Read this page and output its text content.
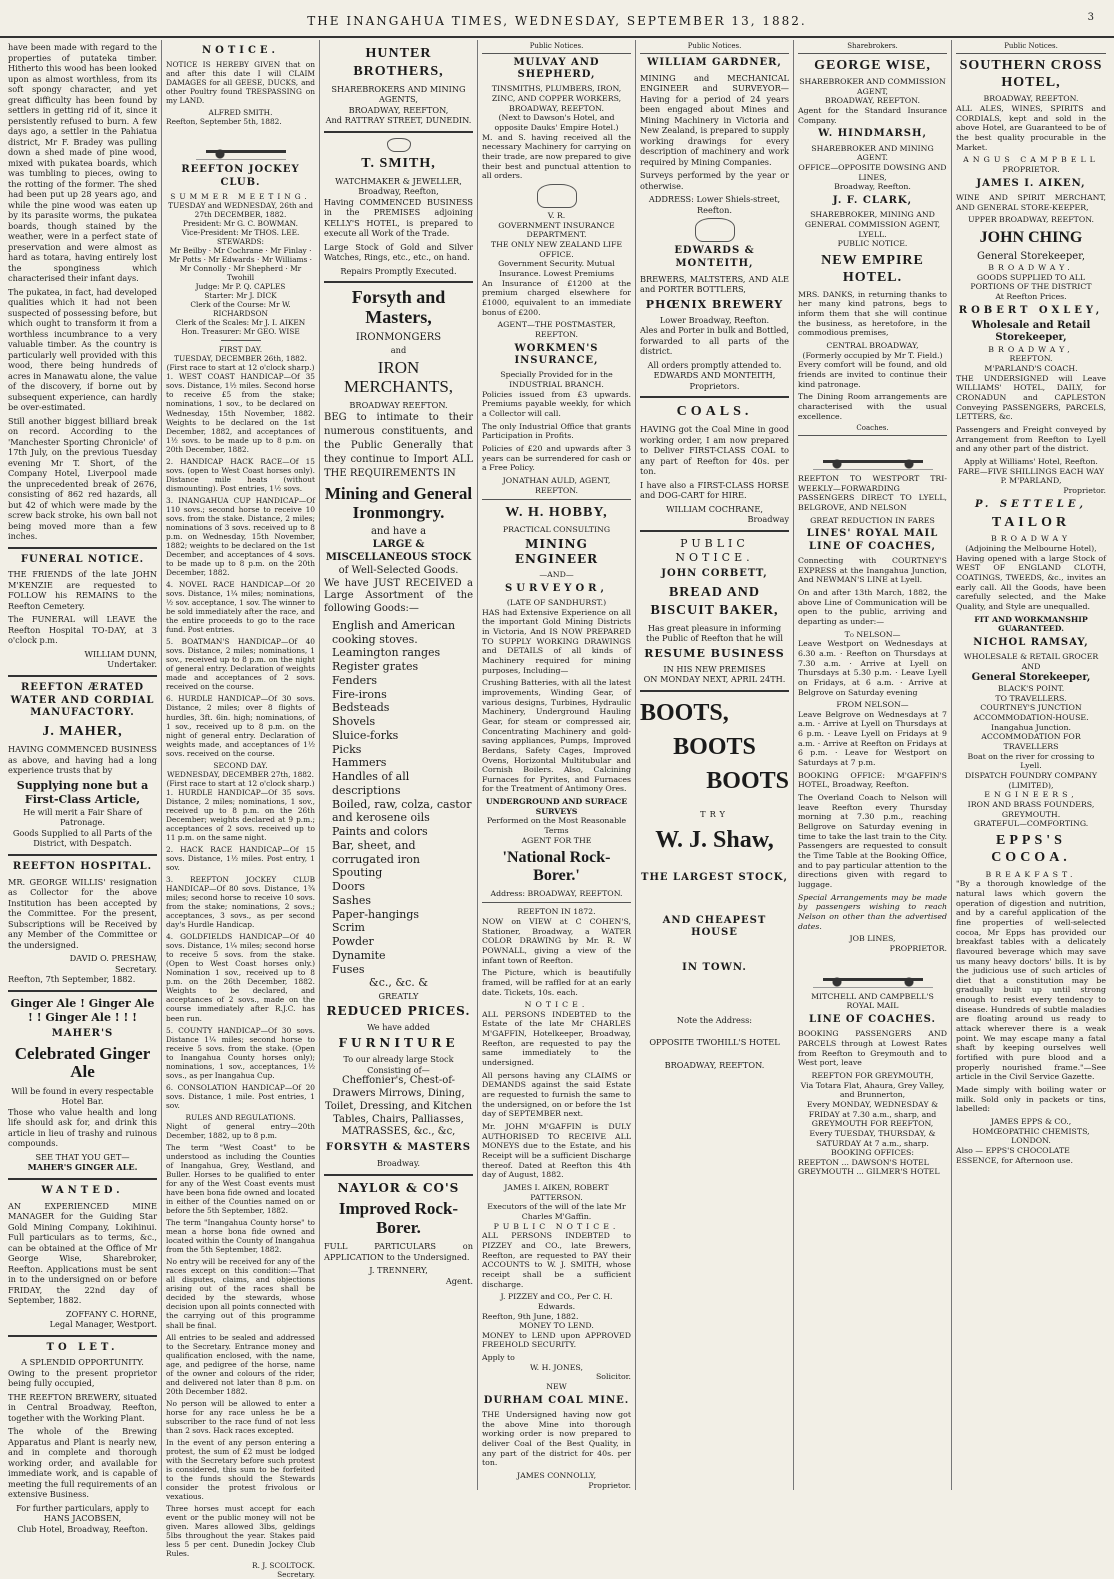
THE INANGAHUA TIMES, WEDNESDAY, SEPTEMBER 13, 1882.	3

have been made with regard to the properties of putateka timber. Hitherto this wood has been looked upon as almost worthless, from its soft spongy character, and yet great difficulty has been found by settlers in getting rid of it, since it persistently refused to burn. A few days ago, a settler in the Pahiatua district, Mr F. Bradey was pulling down a shed made of pine wood, mixed with pukatea boards, which was tumbling to pieces, owing to the rotting of the former. The shed had been put up 28 years ago, and while the pine wood was eaten up by its parasite worms, the pukatea boards, though stained by the weather, were in a perfect state of preservation and were almost as hard as totara, having entirely lost the sponginess which characterised their infant days.

The pukatea, in fact, had developed qualities which it had not been suspected of possessing before, but which ought to transform it from a worthless incumbrance to a very valuable timber. As the country is particularly well provided with this wood, there being hundreds of acres in Manawatu alone, the value of the discovery, if borne out by subsequent experience, can hardly be over-estimated.

Still another biggest billiard break on record. According to the 'Manchester Sporting Chronicle' of 17th July, on the previous Tuesday evening Mr T. Short, of the Company Hotel, Liverpool made the unprecedented break of 2676, consisting of 862 red hazards, all but 42 of which were made by the screw back stroke, his own ball not being moved more than a few inches.

FUNERAL NOTICE.

THE FRIENDS of the late JOHN M'KENZIE are requested to FOLLOW his REMAINS to the Reefton Cemetery.

The FUNERAL will LEAVE the Reefton Hospital TO-DAY, at 3 o'clock p.m.

WILLIAM DUNN,
Undertaker.
REEFTON ÆRATED WATER AND CORDIAL MANUFACTORY.
J. MAHER,

HAVING COMMENCED BUSINESS as above, and having had a long experience trusts that by

Supplying none but a First-Class Article,
He will merit a Fair Share of Patronage.
Goods Supplied to all Parts of the District, with Despatch.
REEFTON HOSPITAL.

MR. GEORGE WILLIS' resignation as Collector for the above Institution has been accepted by the Committee. For the present, Subscriptions will be Received by any Member of the Committee or the undersigned.

DAVID O. PRESHAW,
Secretary.
Reefton, 7th September, 1882.
Ginger Ale ! Ginger Ale ! ! Ginger Ale ! ! !
MAHER'S
Celebrated Ginger Ale
Will be found in every respectable Hotel Bar.

Those who value health and long life should ask for, and drink this article in lieu of trashy and ruinous compounds.

SEE THAT YOU GET—
MAHER'S GINGER ALE.
WANTED.

AN EXPERIENCED MINE MANAGER for the Guiding Star Gold Mining Company, Lokihinui. Full particulars as to terms, &c., can be obtained at the Office of Mr George Wise, Sharebroker, Reefton. Applications must be sent in to the undersigned on or before FRIDAY, the 22nd day of September, 1882.

ZOFFANY C. HORNE,
Legal Manager, Westport.
TO LET.
A SPLENDID OPPORTUNITY.

Owing to the present proprietor being fully occupied,

THE REEFTON BREWERY, situated in Central Broadway, Reefton, together with the Working Plant.

The whole of the Brewing Apparatus and Plant is nearly new, and in complete and thorough working order, and available for immediate work, and is capable of meeting the full requirements of an extensive Business.

For further particulars, apply to
HANS JACOBSEN,
Club Hotel, Broadway, Reefton.
NOTICE.

NOTICE IS HEREBY GIVEN that on and after this date I will CLAIM DAMAGES for all GEESE, DUCKS, and other Poultry found TRESPASSING on my LAND.

ALFRED SMITH.
Reefton, September 5th, 1882.
REEFTON JOCKEY CLUB.
SUMMER MEETING.
TUESDAY and WEDNESDAY, 26th and 27th DECEMBER, 1882.
President: Mr G. C. BOWMAN.
Vice-President: Mr THOS. LEE.
STEWARDS:
Mr Beilby · Mr Cochrane · Mr Finlay · Mr Potts · Mr Edwards · Mr Williams · Mr Connolly · Mr Shepherd · Mr Twohill
Judge: Mr P. Q. CAPLES
Starter: Mr J. DICK
Clerk of the Course: Mr W. RICHARDSON
Clerk of the Scales: Mr J. I. AIKEN
Hon. Treasurer: Mr GEO. WISE
FIRST DAY.
TUESDAY, DECEMBER 26th, 1882.
(First race to start at 12 o'clock sharp.)

1. WEST COAST HANDICAP—Of 35 sovs. Distance, 1½ miles. Second horse to receive £5 from the stake; nominations, 1 sov., to be declared on Wednesday, 15th November, 1882. Weights to be declared on the 1st December, 1882, and acceptances of 1½ sovs. to be made up to 8 p.m. on 20th December, 1882.

2. HANDICAP HACK RACE—Of 15 sovs. (open to West Coast horses only). Distance mile heats (without dismounting). Post entries, 1½ sovs.

3. INANGAHUA CUP HANDICAP—Of 110 sovs.; second horse to receive 10 sovs. from the stake. Distance, 2 miles; nominations of 3 sovs. received up to 8 p.m. on Wednesday, 15th November, 1882; weights to be declared on the 1st December, and acceptances of 4 sovs. to be made up to 8 p.m. on the 20th December, 1882.

4. NOVEL RACE HANDICAP—Of 20 sovs. Distance, 1¼ miles; nominations, ½ sov. acceptance, 1 sov. The winner to be sold immediately after the race, and the entire proceeds to go to the race fund. Post entries.

5. BOATMAN'S HANDICAP—Of 40 sovs. Distance, 2 miles; nominations, 1 sov., received up to 8 p.m. on the night of general entry. Declaration of weights made and acceptances of 2 sovs. received on the course.

6. HURDLE HANDICAP—Of 30 sovs. Distance, 2 miles; over 8 flights of hurdles, 3ft. 6in. high; nominations, of 1 sov., received up to 8 p.m. on the night of general entry. Declaration of weights made, and acceptances of 1½ sovs. received on the course.

SECOND DAY.
WEDNESDAY, DECEMBER 27th, 1882.
(First race to start at 12 o'clock sharp.)

1. HURDLE HANDICAP—Of 35 sovs. Distance, 2 miles; nominations, 1 sov., received up to 8 p.m. on the 26th December; weights declared at 9 p.m.; acceptances of 2 sovs. received up to 11 p.m. on the same night.

2. HACK RACE HANDICAP—Of 15 sovs. Distance, 1½ miles. Post entry, 1 sov.

3. REEFTON JOCKEY CLUB HANDICAP—Of 80 sovs. Distance, 1¾ miles; second horse to receive 10 sovs. from the stake; nominations, 2 sovs.; acceptances, 3 sovs., as per second day's Hurdle Handicap.

4. GOLDFIELDS HANDICAP—Of 40 sovs. Distance, 1¼ miles; second horse to receive 5 sovs. from the stake. (Open to West Coast horses only.) Nomination 1 sov., received up to 8 p.m. on the 26th December, 1882. Weights to be declared, and acceptances of 2 sovs., made on the course immediately after R.J.C. has been run.

5. COUNTY HANDICAP—Of 30 sovs. Distance 1¼ miles; second horse to receive 5 sovs. from the stake. (Open to Inangahua County horses only); nominations, 1 sov., acceptances, 1½ sovs., as per Inangahua Cup.

6. CONSOLATION HANDICAP—Of 20 sovs. Distance, 1 mile. Post entries, 1 sov.

RULES AND REGULATIONS.

Night of general entry—20th December, 1882, up to 8 p.m.

The term "West Coast" to be understood as including the Counties of Inangahua, Grey, Westland, and Buller. Horses to be qualified to enter for any of the West Coast events must have been bona fide owned and located in either of the Counties named on or before the 5th September, 1882.

The term "Inangahua County horse" to mean a horse bona fide owned and located within the County of Inangahua from the 5th September, 1882.

No entry will be received for any of the races except on this condition:—That all disputes, claims, and objections arising out of the races shall be decided by the stewards, whose decision upon all points connected with the carrying out of this programme shall be final.

All entries to be sealed and addressed to the Secretary. Entrance money and qualification enclosed, with the name, age, and pedigree of the horse, name of the owner and colours of the rider, and delivered not later than 8 p.m. on 20th December 1882.

No person will be allowed to enter a horse for any race unless he be a subscriber to the race fund of not less than 2 sovs. Hack races excepted.

In the event of any person entering a protest, the sum of £2 must be lodged with the Secretary before such protest is considered, this sum to be forfeited to the funds should the Stewards consider the protest frivolous or vexatious.

Three horses must accept for each event or the public money will not be given. Mares allowed 3lbs, geldings 5lbs throughout the year. Stakes paid less 5 per cent. Dunedin Jockey Club Rules.

R. J. SCOLTOCK.
Secretary.
HUNTER BROTHERS,
SHAREBROKERS AND MINING AGENTS,
BROADWAY, REEFTON,
And RATTRAY STREET, DUNEDIN.
T. SMITH,
WATCHMAKER & JEWELLER, Broadway, Reefton,

Having COMMENCED BUSINESS in the PREMISES adjoining KELLY'S HOTEL, is prepared to execute all Work of the Trade.

Large Stock of Gold and Silver Watches, Rings, etc., etc., on hand.

Repairs Promptly Executed.
Forsyth and Masters,
IRONMONGERS
and
IRON MERCHANTS,
BROADWAY REEFTON.

BEG to intimate to their numerous constituents, and the Public Generally that they continue to Import ALL THE REQUIREMENTS IN

Mining and General Ironmongry.
and have a
LARGE & MISCELLANEOUS STOCK
of Well-Selected Goods.

We have JUST RECEIVED a Large Assortment of the following Goods:—

English and American cooking stoves.
Leamington ranges
Register grates
Fenders
Fire-irons
Bedsteads
Shovels
Sluice-forks
Picks
Hammers
Handles of all descriptions
Boiled, raw, colza, castor and kerosene oils
Paints and colors
Bar, sheet, and corrugated iron
Spouting
Doors
Sashes
Paper-hangings
Scrim
Powder
Dynamite
Fuses
&c., &c. &
GREATLY
REDUCED PRICES.
We have added
FURNITURE
To our already large Stock Consisting of—
Cheffonier's, Chest-of-Drawers Mirrows, Dining, Toilet, Dressing, and Kitchen Tables, Chairs, Palliasses, MATRASSES, &c., &c,
FORSYTH & MASTERS
Broadway.
NAYLOR & CO'S
Improved Rock-Borer.

FULL PARTICULARS on APPLICATION to the Undersigned.

J. TRENNERY,
Agent.
Public Notices.
MULVAY AND SHEPHERD,
TINSMITHS, PLUMBERS, IRON, ZINC, AND COPPER WORKERS,
BROADWAY, REEFTON.
(Next to Dawson's Hotel, and opposite Dauks' Empire Hotel.)

M. and S. having received all the necessary Machinery for carrying on their trade, are now prepared to give their best and punctual attention to all orders.

V. R.
GOVERNMENT INSURANCE DEPARTMENT.
THE ONLY NEW ZEALAND LIFE OFFICE.
Government Security. Mutual Insurance. Lowest Premiums

An Insurance of £1200 at the premium charged elsewhere for £1000, equivalent to an immediate bonus of £200.

AGENT—THE POSTMASTER, REEFTON.
WORKMEN'S INSURANCE,
Specially Provided for in the INDUSTRIAL BRANCH.

Policies issued from £3 upwards. Premiums payable weekly, for which a Collector will call.

The only Industrial Office that grants Participation in Profits.

Policies of £20 and upwards after 3 years can be surrendered for cash or a Free Policy.

JONATHAN AULD, AGENT, REEFTON.
W. H. HOBBY,
PRACTICAL CONSULTING
MINING ENGINEER
—AND—
SURVEYOR,
(LATE OF SANDHURST.)

HAS had Extensive Experience on all the important Gold Mining Districts in Victoria, And IS NOW PREPARED TO SUPPLY WORKING DRAWINGS and DETAILS of all kinds of Machinery required for mining purposes, Including—

Crushing Batteries, with all the latest improvements, Winding Gear, of various designs, Turbines, Hydraulic Machinery, Underground Hauling Gear, for steam or compressed air, Concentrating Machinery and gold-saving appliances, Pumps, Improved Berdans, Safety Cages, Improved Ovens, Horizontal Multitubular and Cornish Boilers. Also, Calcining Furnaces for Pyrites, and Furnaces for the Treatment of Antimony Ores.

UNDERGROUND AND SURFACE SURVEYS
Performed on the Most Reasonable Terms
AGENT FOR THE
'National Rock-Borer.'
Address: BROADWAY, REEFTON.
REEFTON IN 1872.

NOW on VIEW at C COHEN'S, Stationer, Broadway, a WATER COLOR DRAWING by Mr. R. W POWNALL, giving a view of the infant town of Reefton.

The Picture, which is beautifully framed, will be raffled for at an early date. Tickets, 10s. each.

NOTICE.

ALL PERSONS INDEBTED to the Estate of the late Mr CHARLES M'GAFFIN, Hotelkeeper, Broadway, Reefton, are requested to pay the same immediately to the undersigned.

All persons having any CLAIMS or DEMANDS against the said Estate are requested to furnish the same to the undersigned, on or before the 1st day of SEPTEMBER next.

Mr. JOHN M'GAFFIN is DULY AUTHORISED TO RECEIVE ALL MONEYS due to the Estate, and his Receipt will be a sufficient Discharge thereof. Dated at Reefton this 4th day of August, 1882.

JAMES I. AIKEN, ROBERT PATTERSON.
Executors of the will of the late Mr Charles M'Gaffin.
PUBLIC NOTICE.

ALL PERSONS INDEBTED to PIZZEY and CO., late Brewers, Reefton, are requested to PAY their ACCOUNTS to W. J. SMITH, whose receipt shall be a sufficient discharge.

J. PIZZEY and CO., Per C. H. Edwards.
Reefton, 9th June, 1882.
MONEY TO LEND.

MONEY to LEND upon APPROVED FREEHOLD SECURITY.

Apply to
W. H. JONES,
Solicitor.
NEW
DURHAM COAL MINE.

THE Undersigned having now got the above Mine into thorough working order is now prepared to deliver Coal of the Best Quality, in any part of the district for 40s. per ton.

JAMES CONNOLLY,
Proprietor.
Public Notices.
WILLIAM GARDNER,

MINING and MECHANICAL ENGINEER and SURVEYOR—Having for a period of 24 years been engaged about Mines and Mining Machinery in Victoria and New Zealand, is prepared to supply working drawings for every description of machinery and work required by Mining Companies.

Surveys performed by the year or otherwise.

ADDRESS: Lower Shiels-street, Reefton.
EDWARDS & MONTEITH,

BREWERS, MALTSTERS, AND ALE and PORTER BOTTLERS,

PHŒNIX BREWERY
Lower Broadway, Reefton.

Ales and Porter in bulk and Bottled, forwarded to all parts of the district.

All orders promptly attended to.
EDWARDS AND MONTEITH,
Proprietors.
COALS.

HAVING got the Coal Mine in good working order, I am now prepared to Deliver FIRST-CLASS COAL to any part of Reefton for 40s. per ton.

I have also a FIRST-CLASS HORSE and DOG-CART for HIRE.

WILLIAM COCHRANE,
Broadway
PUBLIC NOTICE.
JOHN CORBETT,
BREAD AND BISCUIT BAKER,
Has great pleasure in informing the Public of Reefton that he will
RESUME BUSINESS
IN HIS NEW PREMISES
ON MONDAY NEXT, APRIL 24TH.
BOOTS,
BOOTS
BOOTS
TRY
W. J. Shaw,
THE LARGEST STOCK,
AND CHEAPEST HOUSE
IN TOWN.
Note the Address:
OPPOSITE TWOHILL'S HOTEL
BROADWAY, REEFTON.
Sharebrokers.
GEORGE WISE,
SHAREBROKER AND COMMISSION AGENT,
BROADWAY, REEFTON.

Agent for the Standard Insurance Company.

W. HINDMARSH,
SHAREBROKER AND MINING AGENT.
OFFICE—OPPOSITE DOWSING AND LINES,
Broadway, Reefton.
J. F. CLARK,
SHAREBROKER, MINING AND GENERAL COMMISSION AGENT,
LYELL.
PUBLIC NOTICE.
NEW EMPIRE HOTEL.

MRS. DANKS, in returning thanks to her many kind patrons, begs to inform them that she will continue the business, as heretofore, in the commodious premises,

CENTRAL BROADWAY,
(Formerly occupied by Mr T. Field.)

Every comfort will be found, and old friends are invited to continue their kind patronage.

The Dining Room arrangements are characterised with the usual excellence.

Coaches.

REEFTON TO WESTPORT TRI-WEEKLY—FORWARDING PASSENGERS DIRECT TO LYELL, BELGROVE, AND NELSON

GREAT REDUCTION IN FARES
LINES' ROYAL MAIL LINE OF COACHES,

Connecting with COURTNEY'S EXPRESS at the Inangahua Junction, And NEWMAN'S LINE at Lyell.

On and after 13th March, 1882, the above Line of Communication will be open to the public, arriving and departing as under:—

To NELSON—

Leave Westport on Wednesdays at 6.30 a.m. · Reefton on Thursdays at 7.30 a.m. · Arrive at Lyell on Thursdays at 5.30 p.m. · Leave Lyell on Fridays, at 6 a.m. · Arrive at Belgrove on Saturday evening

FROM NELSON—

Leave Belgrove on Wednesdays at 7 a.m. · Arrive at Lyell on Thursdays at 6 p.m. · Leave Lyell on Fridays at 9 a.m. · Arrive at Reefton on Fridays at 6 p.m. · Leave for Westport on Saturdays at 7 p.m.

BOOKING OFFICE: M'GAFFIN'S HOTEL, Broadway, Reefton.

The Overland Coach to Nelson will leave Reefton every Thursday morning at 7.30 p.m., reaching Bellgrove on Saturday evening in time to take the last train to the City. Passengers are requested to consult the Time Table at the Booking Office, and to pay particular attention to the directions given with regard to luggage.

Special Arrangements may be made by passengers wishing to reach Nelson on other than the advertised dates.

JOB LINES,
PROPRIETOR.
MITCHELL AND CAMPBELL'S
ROYAL MAIL
LINE OF COACHES.

BOOKING PASSENGERS AND PARCELS through at Lowest Rates from Reefton to Greymouth and to West port, leave

REEFTON FOR GREYMOUTH,
Via Totara Flat, Ahaura, Grey Valley, and Brunnerton,
Every MONDAY, WEDNESDAY & FRIDAY at 7.30 a.m., sharp, and
GREYMOUTH FOR REEFTON,
Every TUESDAY, THURSDAY, & SATURDAY At 7 a.m., sharp.
BOOKING OFFICES:
REEFTON ... DAWSON'S HOTEL
GREYMOUTH ... GILMER'S HOTEL
Public Notices.
SOUTHERN CROSS HOTEL,
BROADWAY, REEFTON.

ALL ALES, WINES, SPIRITS and CORDIALS, kept and sold in the above Hotel, are Guaranteed to be of the best quality procurable in the Market.

ANGUS CAMPBELL
PROPRIETOR.
JAMES I. AIKEN,

WINE AND SPIRIT MERCHANT, AND GENERAL STORE-KEEPER,

UPPER BROADWAY, REEFTON.
JOHN CHING
General Storekeeper,
BROADWAY.
GOODS SUPPLIED TO ALL PORTIONS OF THE DISTRICT
At Reefton Prices.
ROBERT OXLEY,
Wholesale and Retail Storekeeper,
BROADWAY,
REEFTON.
M'PARLAND'S COACH.

THE UNDERSIGNED will Leave WILLIAMS' HOTEL, DAILY, for CRONADUN and CAPLESTON Conveying PASSENGERS, PARCELS, LETTERS, &c.

Passengers and Freight conveyed by Arrangement from Reefton to Lyell and any other part of the district.

Apply at Williams' Hotel, Reefton.
FARE—FIVE SHILLINGS EACH WAY
P. M'PARLAND,
Proprietor.
P. SETTELE,
TAILOR
BROADWAY
(Adjoining the Melbourne Hotel),

Having opened with a large Stock of WEST OF ENGLAND CLOTH, COATINGS, TWEEDS, &c., invites an early call. All the Goods, have been carefully selected, and the Make Quality, and Style are unequalled.

FIT AND WORKMANSHIP GUARANTEED.
NICHOL RAMSAY,
WHOLESALE & RETAIL GROCER
AND
General Storekeeper,
BLACK'S POINT.
TO TRAVELLERS.
COURTNEY'S JUNCTION ACCOMMODATION-HOUSE.
Inangahua Junction.
ACCOMMODATION FOR TRAVELLERS
Boat on the river for crossing to Lyell.
DISPATCH FOUNDRY COMPANY (LIMITED),
ENGINEERS,
IRON AND BRASS FOUNDERS,
GREYMOUTH.
GRATEFUL—COMFORTING.
EPPS'S COCOA.
BREAKFAST.

"By a thorough knowledge of the natural laws which govern the operation of digestion and nutrition, and by a careful application of the fine properties of well-selected cocoa, Mr Epps has provided our breakfast tables with a delicately flavoured beverage which may save us many heavy doctors' bills. It is by the judicious use of such articles of diet that a constitution may be gradually built up until strong enough to resist every tendency to disease. Hundreds of subtle maladies are floating around us ready to attack wherever there is a weak point. We may escape many a fatal shaft by keeping ourselves well fortified with pure blood and a properly nourished frame."—See article in the Civil Service Gazette.

Made simply with boiling water or milk. Sold only in packets or tins, labelled:

JAMES EPPS & CO.,
HOMŒOPATHIC CHEMISTS,
LONDON.
Also — EPPS'S CHOCOLATE ESSENCE, for Afternoon use.
